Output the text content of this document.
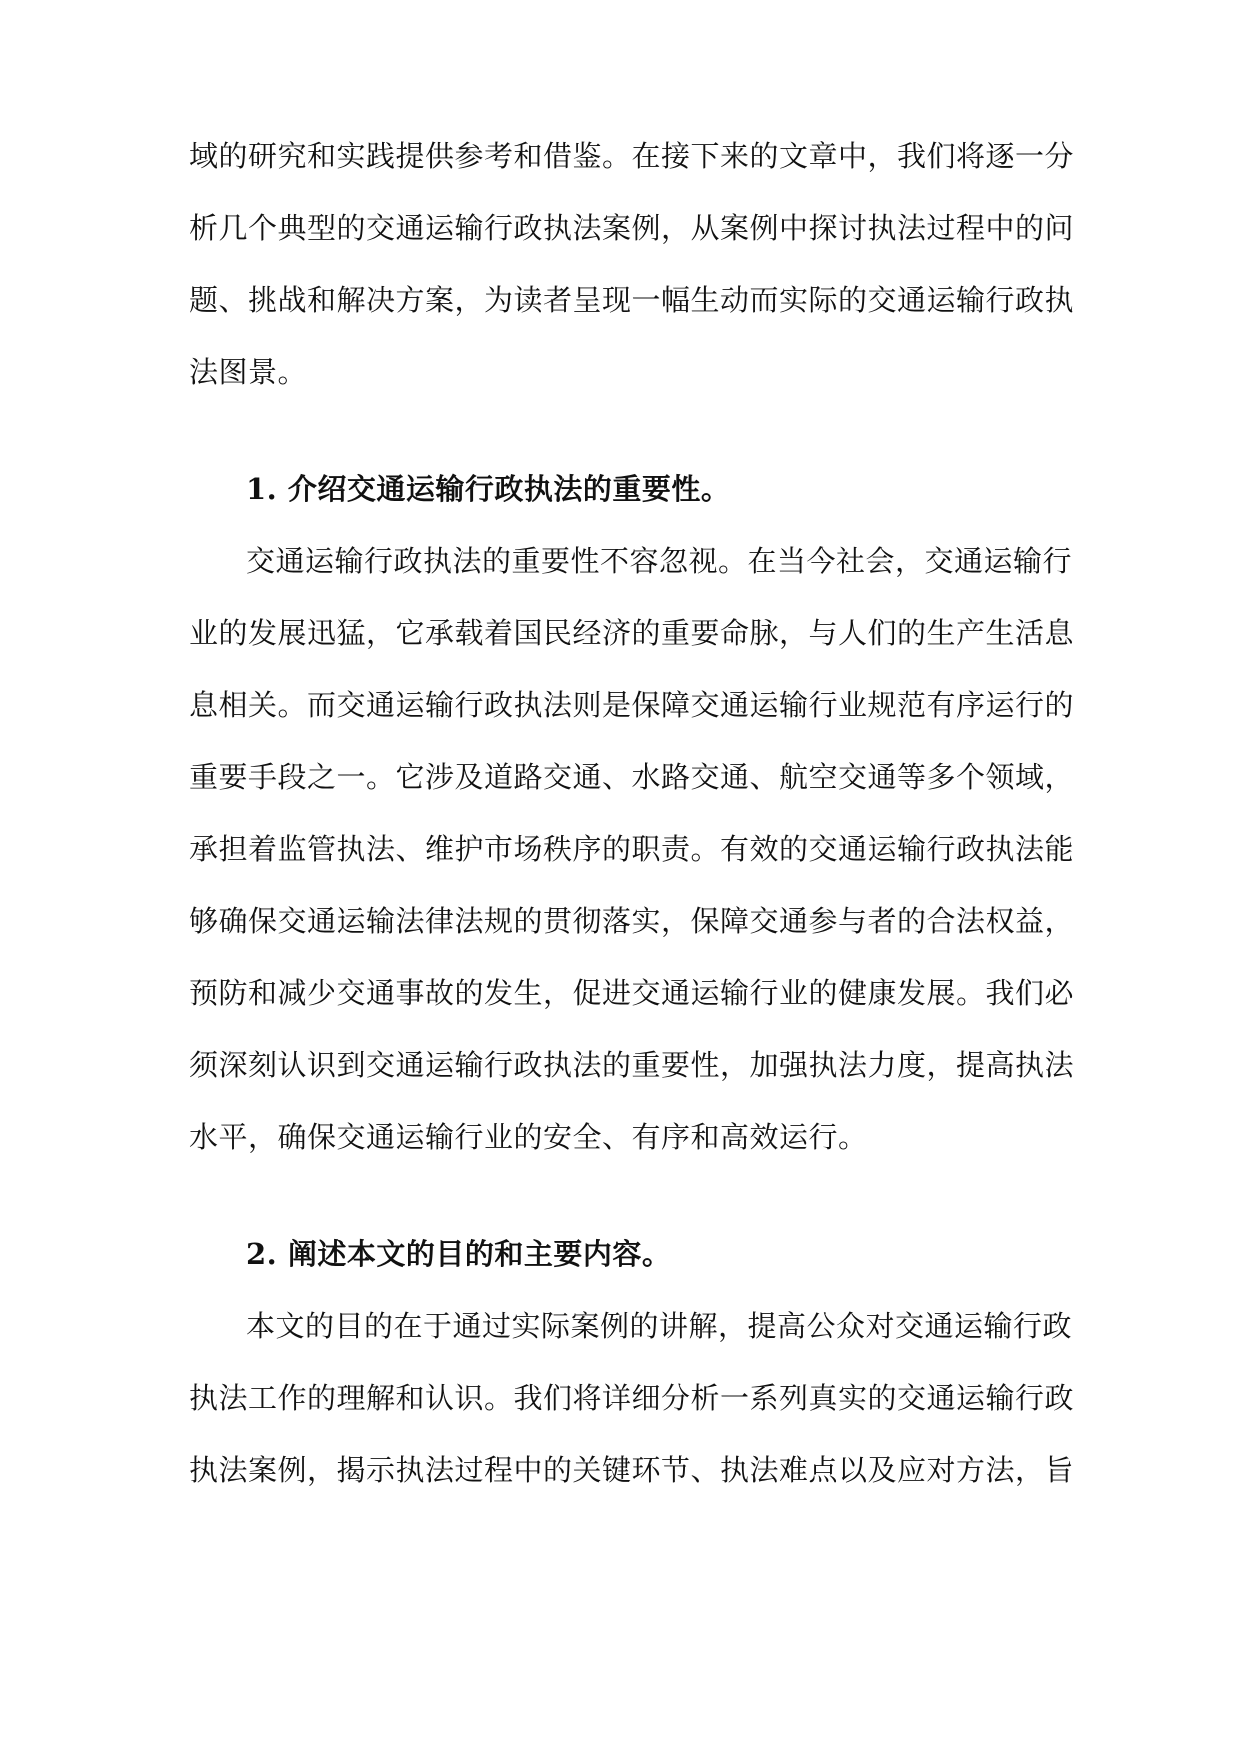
域的研究和实践提供参考和借鉴。在接下来的文章中，我们将逐一分
析几个典型的交通运输行政执法案例，从案例中探讨执法过程中的问
题、挑战和解决方案，为读者呈现一幅生动而实际的交通运输行政执
法图景。
1. 介绍交通运输行政执法的重要性。
交通运输行政执法的重要性不容忽视。在当今社会，交通运输行
业的发展迅猛，它承载着国民经济的重要命脉，与人们的生产生活息
息相关。而交通运输行政执法则是保障交通运输行业规范有序运行的
重要手段之一。它涉及道路交通、水路交通、航空交通等多个领域，
承担着监管执法、维护市场秩序的职责。有效的交通运输行政执法能
够确保交通运输法律法规的贯彻落实，保障交通参与者的合法权益，
预防和减少交通事故的发生，促进交通运输行业的健康发展。我们必
须深刻认识到交通运输行政执法的重要性，加强执法力度，提高执法
水平，确保交通运输行业的安全、有序和高效运行。
2. 阐述本文的目的和主要内容。
本文的目的在于通过实际案例的讲解，提高公众对交通运输行政
执法工作的理解和认识。我们将详细分析一系列真实的交通运输行政
执法案例，揭示执法过程中的关键环节、执法难点以及应对方法，旨
